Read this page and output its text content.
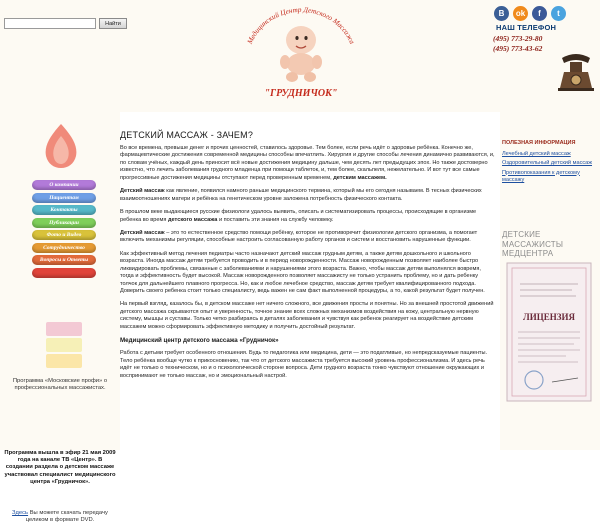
Найти
Медицинский Центр Детского Массажа
"ГРУДНИЧОК"
В	ok	f	t
НАШ ТЕЛЕФОН
(495) 773-29-80
(495) 773-43-62
О компании
Пациентам
Контакты
Публикации
Фото и Видео
Сотрудничество
Вопросы и Ответы
Программа «Московские профи» о профессиональных массажистах.
Программа вышла в эфир 21 мая 2009 года на канале ТВ «Центр». В создании раздела о детском массаже участвовал специалист медицинского центра «Грудничок».
Здесь Вы можете скачать передачу целиком в формате DVD.
ДЕТСКИЙ МАССАЖ - ЗАЧЕМ?

Во все времена, превыше денег и прочих ценностей, ставилось здоровье. Тем более, если речь идёт о здоровье ребёнка. Конечно же, фармацевтические достижения современной медицины способны впечатлить. Хирургия и другие способы лечения динамично развиваются, и, по словам учёных, каждый день приносит всё новые достижения медицину дальше, чем десять лет предыдущих эпох. Но также достоверно известно, что лечить заболевания грудного младенца при помощи таблеток, и, тем более, скальпеля, нежелательно. И вот тут все самые прогрессивные достижения медицины отступают перед проверенным временем, детским массажем.

Детский массаж как явление, появился намного раньше медицинского термина, который мы его сегодня называем. В тесных физических взаимоотношениях матери и ребёнка на генетическом уровне заложена потребность физического контакта.

В прошлом веке выдающиеся русские физиологи удалось выявить, описать и систематизировать процессы, происходящие в организме ребенка во время детского массажа и поставить эти знания на службу человеку.

Детский массаж – это то естественное средство помощи ребёнку, которое не противоречит физиологии детского организма, а помогает включить механизмы регуляции, способные настроить согласованную работу органов и систем и восстановить нарушенные функции.

Как эффективный метод лечения педиатры часто назначают детский массаж грудным детям, а также детям дошкольного и школьного возраста. Иногда массаж детям требуется проводить и в период новорожденности. Массаж новорожденным позволяет наиболее быстро ликвидировать проблемы, связанные с заболеваниями и нарушениями этого возраста. Важно, чтобы массаж детям выполнялся вовремя, тогда и эффективность будет высокой. Массаж новорожденного позволяет массажисту не только устранить проблему, но и дать ребенку толчок для дальнейшего плавного прогресса. Но, как и любое лечебное средство, массаж детям требует квалифицированного подхода. Доверить своего ребенка стоит только специалисту, ведь важен не сам факт выполненной процедуры, а то, какой результат будет получен.

На первый взгляд, казалось бы, в детском массаже нет ничего сложного, все движения просты и понятны. Но за внешней простотой движений детского массажа скрываются опыт и уверенность, точное знание всех сложных механизмов воздействия на кожу, центральную нервную систему, мышцы и суставы. Только четко разбираясь в деталях заболевания и чувствуя как ребенок реагирует на воздействие детским массажем можно сформировать эффективную методику и получить достойный результат.

Медицинский центр детского массажа «Грудничок»

Работа с детьми требует особенного отношения. Будь то педагогика или медицина, дети — это податливые, но непредсказуемые пациенты. Тело ребёнка вообще чутко к прикосновению, так что от детского массажиста требуется высокий уровень профессионализма. И здесь речь идёт не только о техническом, но и о психологической стороне вопроса. Дети грудного возраста тонко чувствуют отношение окружающих и воспринимают не только массаж, но и эмоциональный настрой.

ПОЛЕЗНАЯ ИНФОРМАЦИЯ
Лечебный детский массаж
Оздоровительный детский массаж
Противопоказания к детскому массажу
ДЕТСКИЕ МАССАЖИСТЫ МЕДЦЕНТРА
ЛИЦЕНЗИЯ
